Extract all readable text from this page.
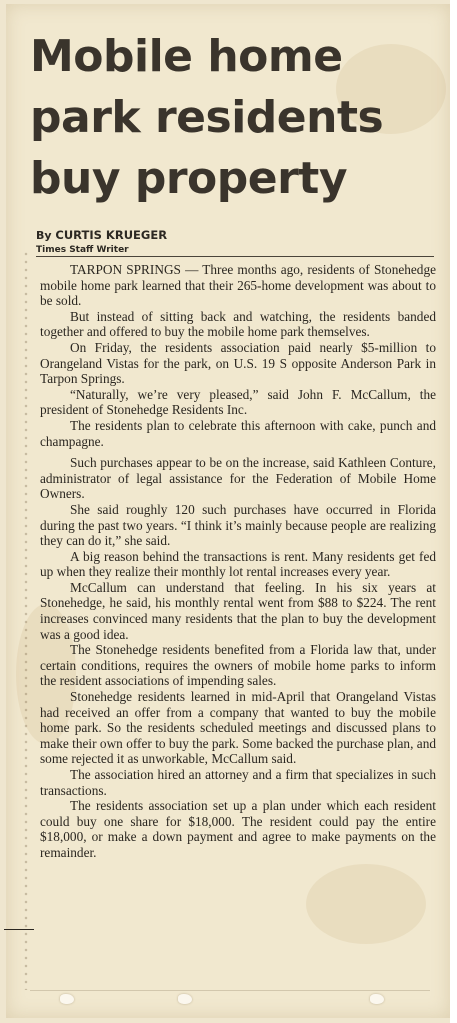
Mobile home park residents buy property
By CURTIS KRUEGER
Times Staff Writer

TARPON SPRINGS — Three months ago, residents of Stonehedge mobile home park learned that their 265-home development was about to be sold.

But instead of sitting back and watching, the residents banded together and offered to buy the mobile home park themselves.

On Friday, the residents association paid nearly $5-million to Orangeland Vistas for the park, on U.S. 19 S opposite Anderson Park in Tarpon Springs.

“Naturally, we’re very pleased,” said John F. McCallum, the president of Stonehedge Residents Inc.

The residents plan to celebrate this afternoon with cake, punch and champagne.

Such purchases appear to be on the increase, said Kathleen Conture, administrator of legal assistance for the Federation of Mobile Home Owners.

She said roughly 120 such purchases have occurred in Florida during the past two years. “I think it’s mainly because people are realizing they can do it,” she said.

A big reason behind the transactions is rent. Many residents get fed up when they realize their monthly lot rental increases every year.

McCallum can understand that feeling. In his six years at Stonehedge, he said, his monthly rental went from $88 to $224. The rent increases convinced many residents that the plan to buy the development was a good idea.

The Stonehedge residents benefited from a Florida law that, under certain conditions, requires the owners of mobile home parks to inform the resident associations of impending sales.

Stonehedge residents learned in mid-April that Orangeland Vistas had received an offer from a company that wanted to buy the mobile home park. So the residents scheduled meetings and discussed plans to make their own offer to buy the park. Some backed the purchase plan, and some rejected it as unworkable, McCallum said.

The association hired an attorney and a firm that specializes in such transactions.

The residents association set up a plan under which each resident could buy one share for $18,000. The resident could pay the entire $18,000, or make a down payment and agree to make payments on the remainder.
